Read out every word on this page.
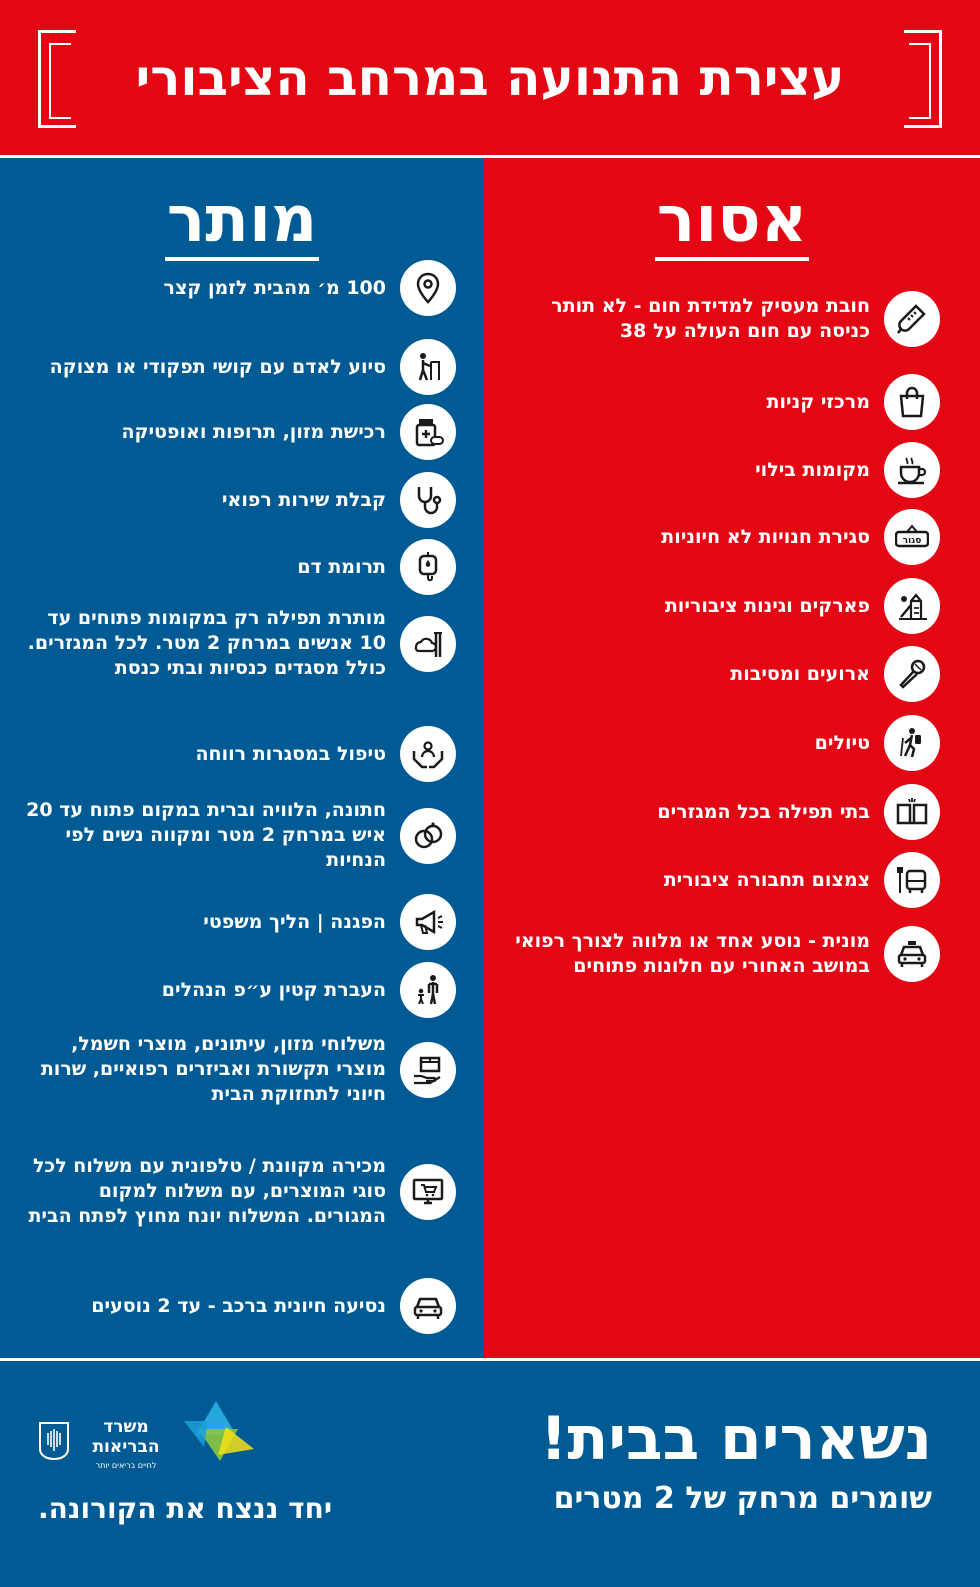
עצירת התנועה במרחב הציבורי
מותר
100 מ׳ מהבית לזמן קצר
סיוע לאדם עם קושי תפקודי או מצוקה
רכישת מזון, תרופות ואופטיקה
קבלת שירות רפואי
תרומת דם
מותרת תפילה רק במקומות פתוחים עד 10 אנשים במרחק 2 מטר. לכל המגזרים. כולל מסגדים כנסיות ובתי כנסת
טיפול במסגרות רווחה
חתונה, הלוויה וברית במקום פתוח עד 20 איש במרחק 2 מטר ומקווה נשים לפי הנחיות
הפגנה | הליך משפטי
העברת קטין ע״פ הנהלים
משלוחי מזון, עיתונים, מוצרי חשמל, מוצרי תקשורת ואביזרים רפואיים, שרות חיוני לתחזוקת הבית
מכירה מקוונת / טלפונית עם משלוח לכל סוגי המוצרים, עם משלוח למקום המגורים. המשלוח יונח מחוץ לפתח הבית
נסיעה חיונית ברכב - עד 2 נוסעים
אסור
חובת מעסיק למדידת חום - לא תותר כניסה עם חום העולה על 38
מרכזי קניות
מקומות בילוי
סגור
סגירת חנויות לא חיוניות
פארקים וגינות ציבוריות
ארועים ומסיבות
טיולים
בתי תפילה בכל המגזרים
צמצום תחבורה ציבורית
מונית - נוסע אחד או מלווה לצורך רפואי במושב האחורי עם חלונות פתוחים
נשארים בבית!
שומרים מרחק של 2 מטרים
משרד הבריאות
לחיים בריאים יותר
יחד ננצח את הקורונה.
